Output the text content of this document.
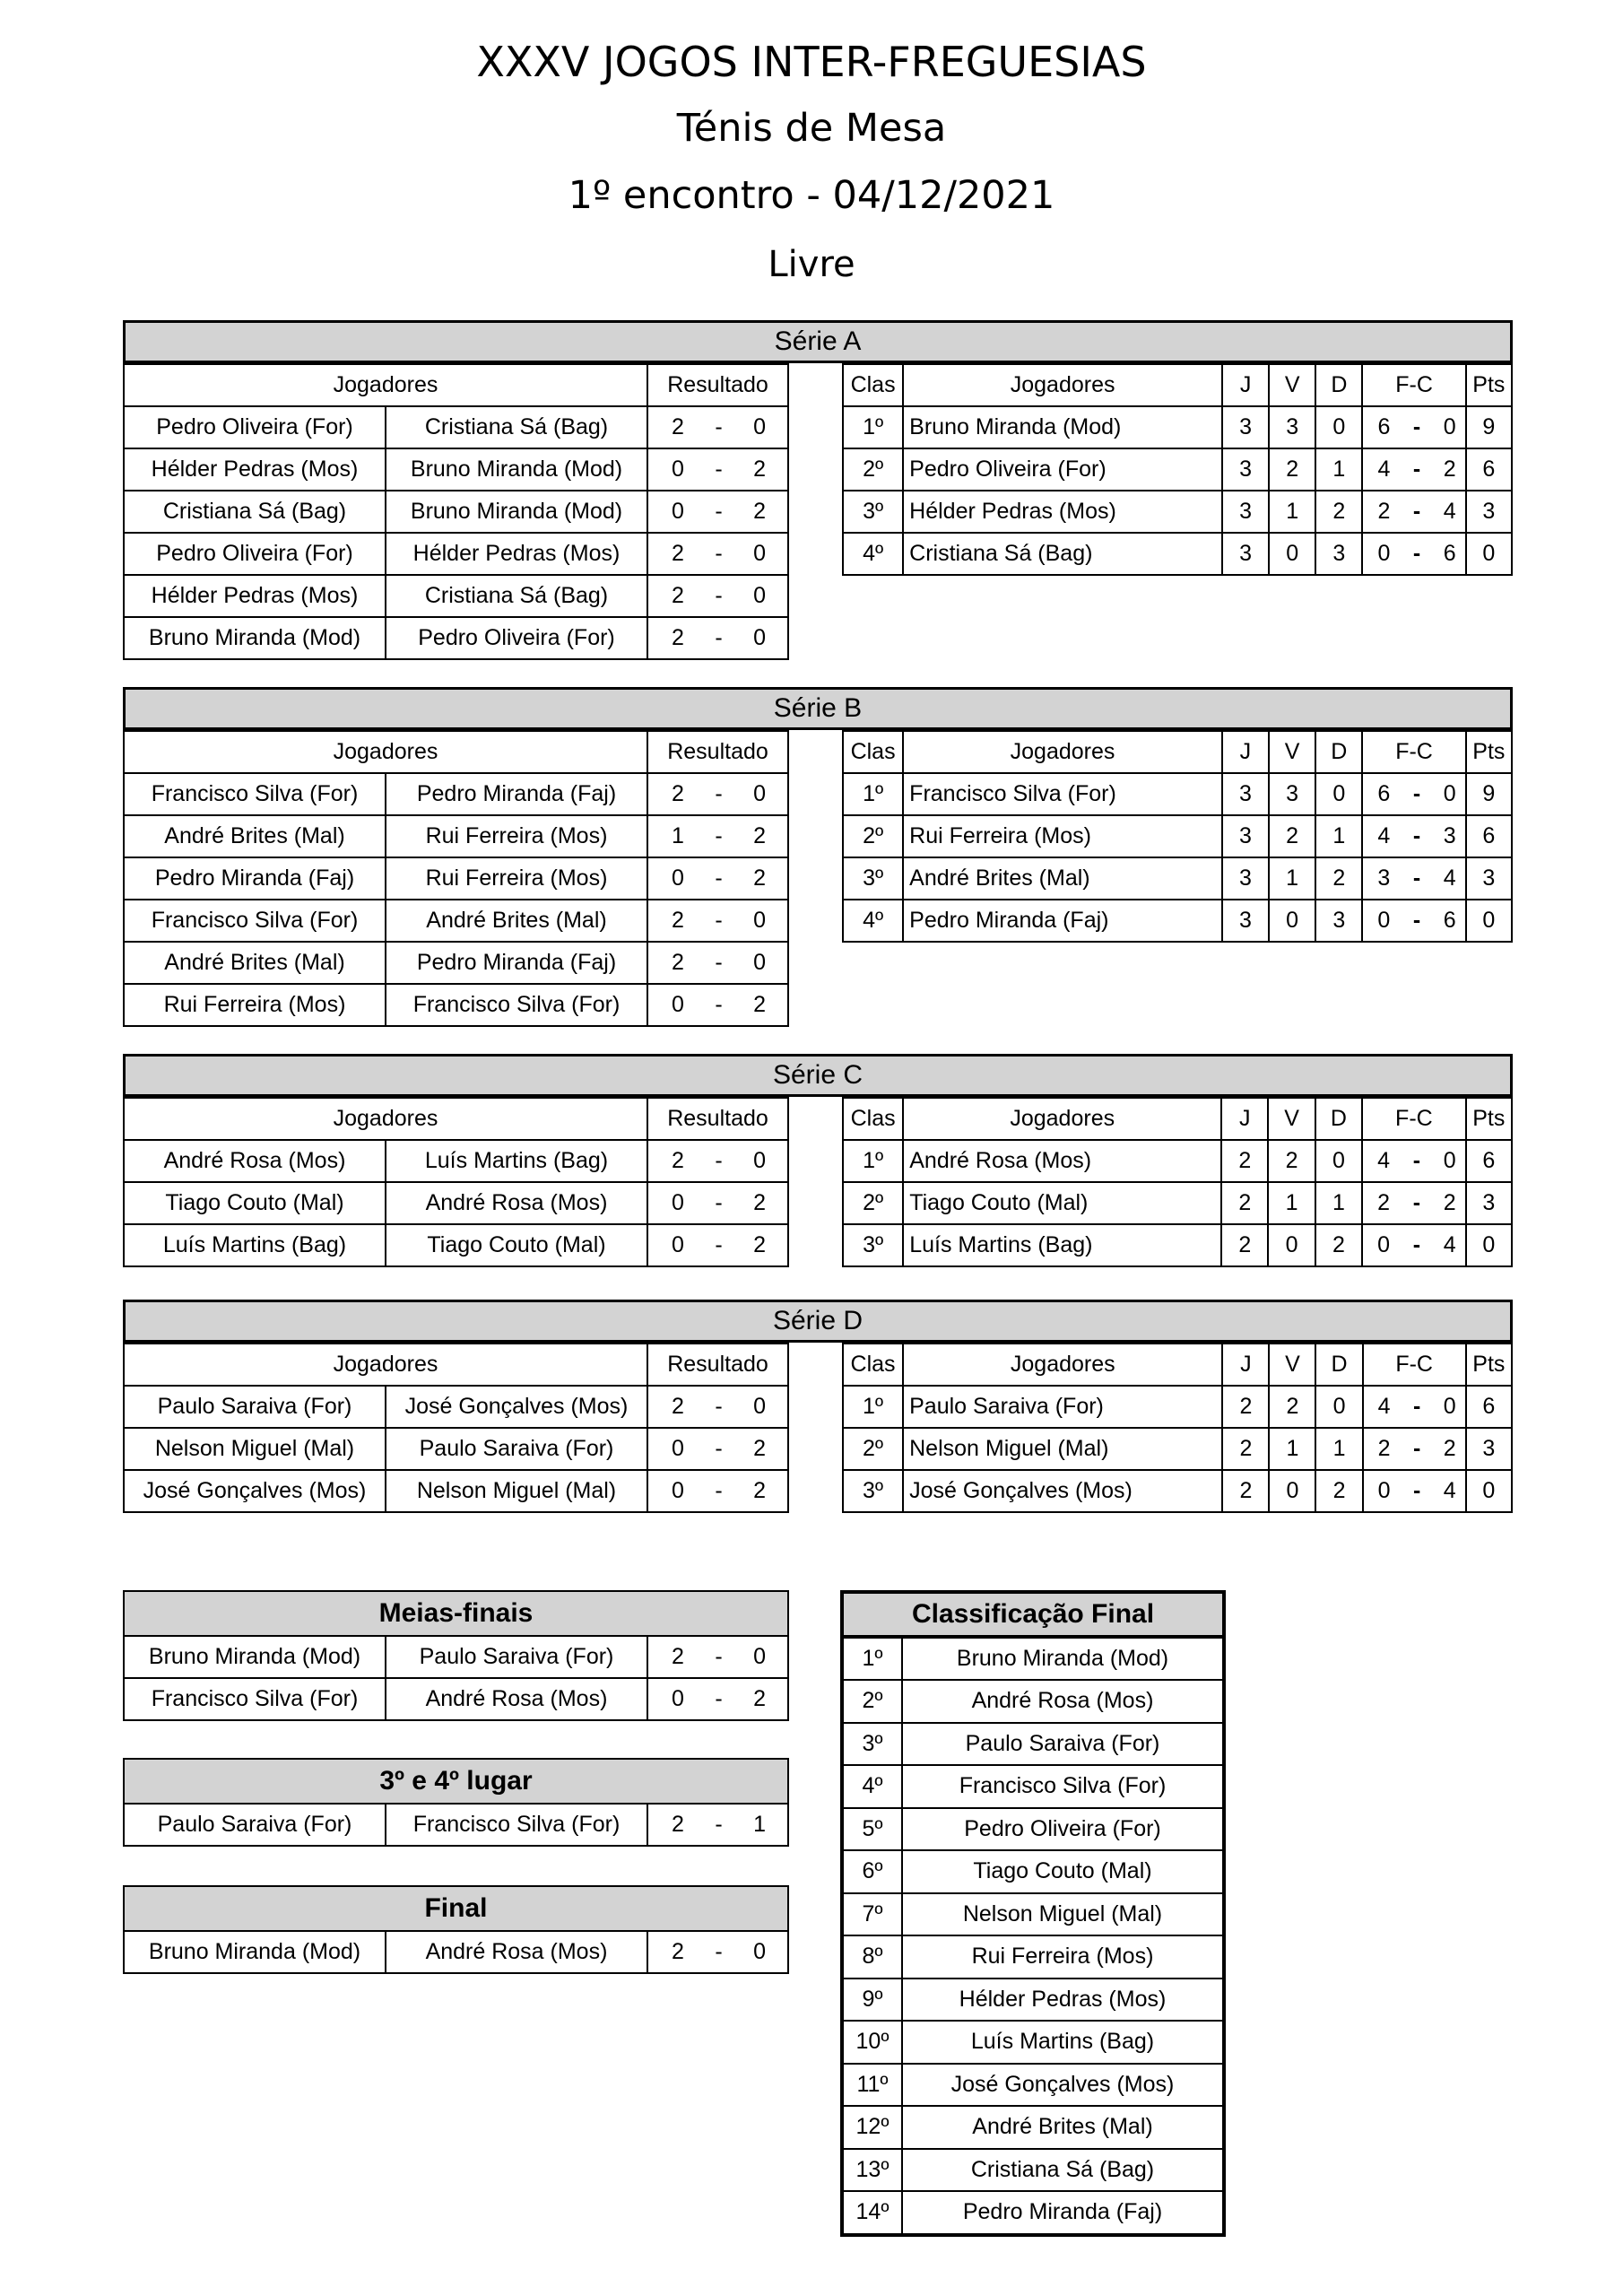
XXXV JOGOS INTER-FREGUESIAS
Ténis de Mesa
1º encontro - 04/12/2021
Livre
Série A
Jogadores		Resultado
Pedro Oliveira (For)	Cristiana Sá (Bag)	2 - 0

Hélder Pedras (Mos)	Bruno Miranda (Mod)	0 - 2

Cristiana Sá (Bag)	Bruno Miranda (Mod)	0 - 2

Pedro Oliveira (For)	Hélder Pedras (Mos)	2 - 0

Hélder Pedras (Mos)	Cristiana Sá (Bag)	2 - 0

Bruno Miranda (Mod)	Pedro Oliveira (For)	2 - 0
Clas	Jogadores	J	V	D	F-C	Pts
1º	Bruno Miranda (Mod)	3	3	0	6 - 0	9
2º	Pedro Oliveira (For)	3	2	1	4 - 2	6
3º	Hélder Pedras (Mos)	3	1	2	2 - 4	3
4º	Cristiana Sá (Bag)	3	0	3	0 - 6	0
Série B
Jogadores		Resultado
Francisco Silva (For)	Pedro Miranda (Faj)	2 - 0

André Brites (Mal)	Rui Ferreira (Mos)	1 - 2

Pedro Miranda (Faj)	Rui Ferreira (Mos)	0 - 2

Francisco Silva (For)	André Brites (Mal)	2 - 0

André Brites (Mal)	Pedro Miranda (Faj)	2 - 0

Rui Ferreira (Mos)	Francisco Silva (For)	0 - 2
Clas	Jogadores	J	V	D	F-C	Pts
1º	Francisco Silva (For)	3	3	0	6 - 0	9
2º	Rui Ferreira (Mos)	3	2	1	4 - 3	6
3º	André Brites (Mal)	3	1	2	3 - 4	3
4º	Pedro Miranda (Faj)	3	0	3	0 - 6	0
Série C
Jogadores		Resultado
André Rosa (Mos)	Luís Martins (Bag)	2 - 0

Tiago Couto (Mal)	André Rosa (Mos)	0 - 2

Luís Martins (Bag)	Tiago Couto (Mal)	0 - 2
Clas	Jogadores	J	V	D	F-C	Pts
1º	André Rosa (Mos)	2	2	0	4 - 0	6
2º	Tiago Couto (Mal)	2	1	1	2 - 2	3
3º	Luís Martins (Bag)	2	0	2	0 - 4	0
Série D
Jogadores		Resultado
Paulo Saraiva (For)	José Gonçalves (Mos)	2 - 0

Nelson Miguel (Mal)	Paulo Saraiva (For)	0 - 2

José Gonçalves (Mos)	Nelson Miguel (Mal)	0 - 2
Clas	Jogadores	J	V	D	F-C	Pts
1º	Paulo Saraiva (For)	2	2	0	4 - 0	6
2º	Nelson Miguel (Mal)	2	1	1	2 - 2	3
3º	José Gonçalves (Mos)	2	0	2	0 - 4	0
Meias-finais		
Bruno Miranda (Mod)	Paulo Saraiva (For)	2 - 0

Francisco Silva (For)	André Rosa (Mos)	0 - 2
3º e 4º lugar
Paulo Saraiva (For)	Francisco Silva (For)	2 - 1
Final
Bruno Miranda (Mod)	André Rosa (Mos)	2 - 0
Classificação Final	
1º	Bruno Miranda (Mod)
2º	André Rosa (Mos)
3º	Paulo Saraiva (For)
4º	Francisco Silva (For)
5º	Pedro Oliveira (For)
6º	Tiago Couto (Mal)
7º	Nelson Miguel (Mal)
8º	Rui Ferreira (Mos)
9º	Hélder Pedras (Mos)
10º	Luís Martins (Bag)
11º	José Gonçalves (Mos)
12º	André Brites (Mal)
13º	Cristiana Sá (Bag)
14º	Pedro Miranda (Faj)
